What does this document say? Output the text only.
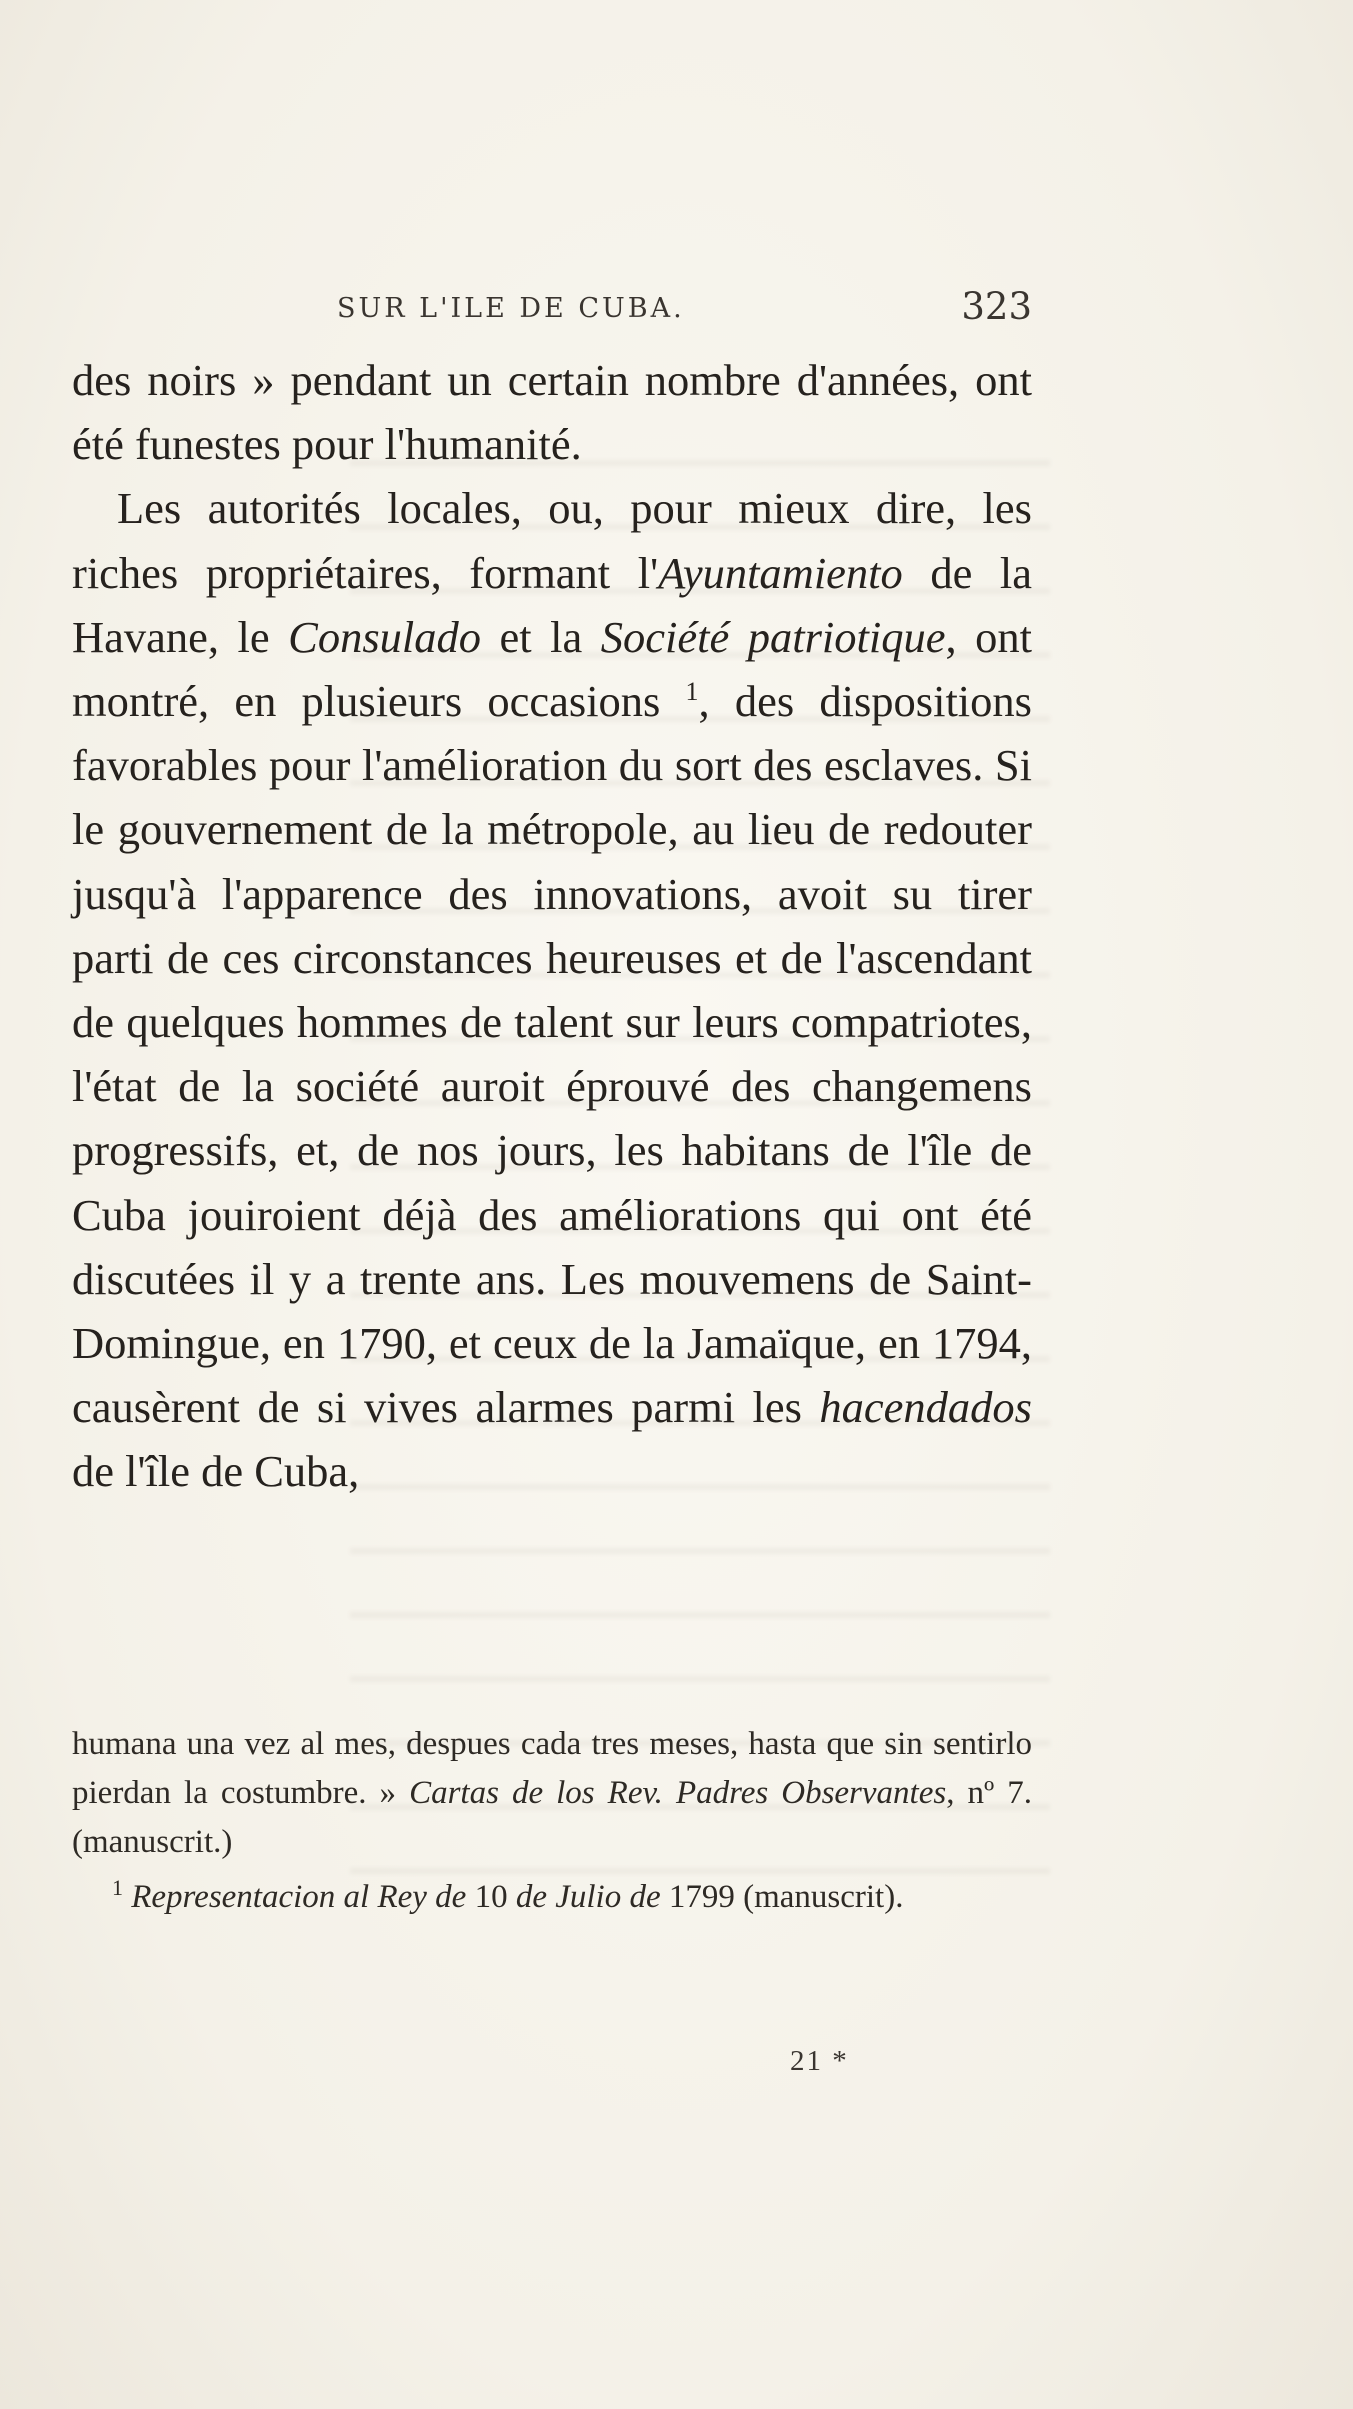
SUR L'ILE DE CUBA.	323

des noirs » pendant un certain nombre d'années, ont été funestes pour l'humanité.

Les autorités locales, ou, pour mieux dire, les riches propriétaires, formant l'Ayuntamiento de la Havane, le Consulado et la Société patriotique, ont montré, en plusieurs occasions $^1$, des dispositions favorables pour l'amélioration du sort des esclaves. Si le gouvernement de la métropole, au lieu de redouter jusqu'à l'apparence des innovations, avoit su tirer parti de ces circonstances heureuses et de l'ascendant de quelques hommes de talent sur leurs compatriotes, l'état de la société auroit éprouvé des changemens progressifs, et, de nos jours, les habitans de l'île de Cuba jouiroient déjà des améliorations qui ont été discutées il y a trente ans. Les mouvemens de Saint-Domingue, en 1790, et ceux de la Jamaïque, en 1794, causèrent de si vives alarmes parmi les hacendados de l'île de Cuba,

humana una vez al mes, despues cada tres meses, hasta que sin sentirlo pierdan la costumbre. » Cartas de los Rev. Padres Observantes, nº 7. (manuscrit.)

$^1$ Representacion al Rey de 10 de Julio de 1799 (manuscrit).

21 *
